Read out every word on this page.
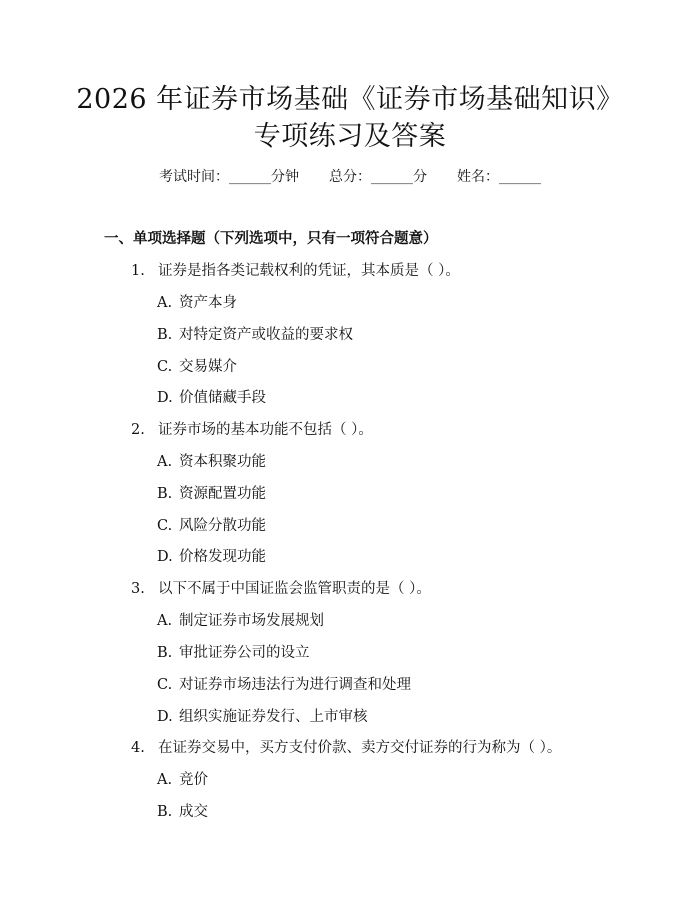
2026 年证券市场基础《证券市场基础知识》
专项练习及答案
考试时间：______分钟 总分：______分 姓名：______
一、单项选择题（下列选项中，只有一项符合题意）
1. 证券是指各类记载权利的凭证，其本质是（ ）。
A. 资产本身
B. 对特定资产或收益的要求权
C. 交易媒介
D. 价值储藏手段
2. 证券市场的基本功能不包括（ ）。
A. 资本积聚功能
B. 资源配置功能
C. 风险分散功能
D. 价格发现功能
3. 以下不属于中国证监会监管职责的是（ ）。
A. 制定证券市场发展规划
B. 审批证券公司的设立
C. 对证券市场违法行为进行调查和处理
D. 组织实施证券发行、上市审核
4. 在证券交易中，买方支付价款、卖方交付证券的行为称为（ ）。
A. 竞价
B. 成交
